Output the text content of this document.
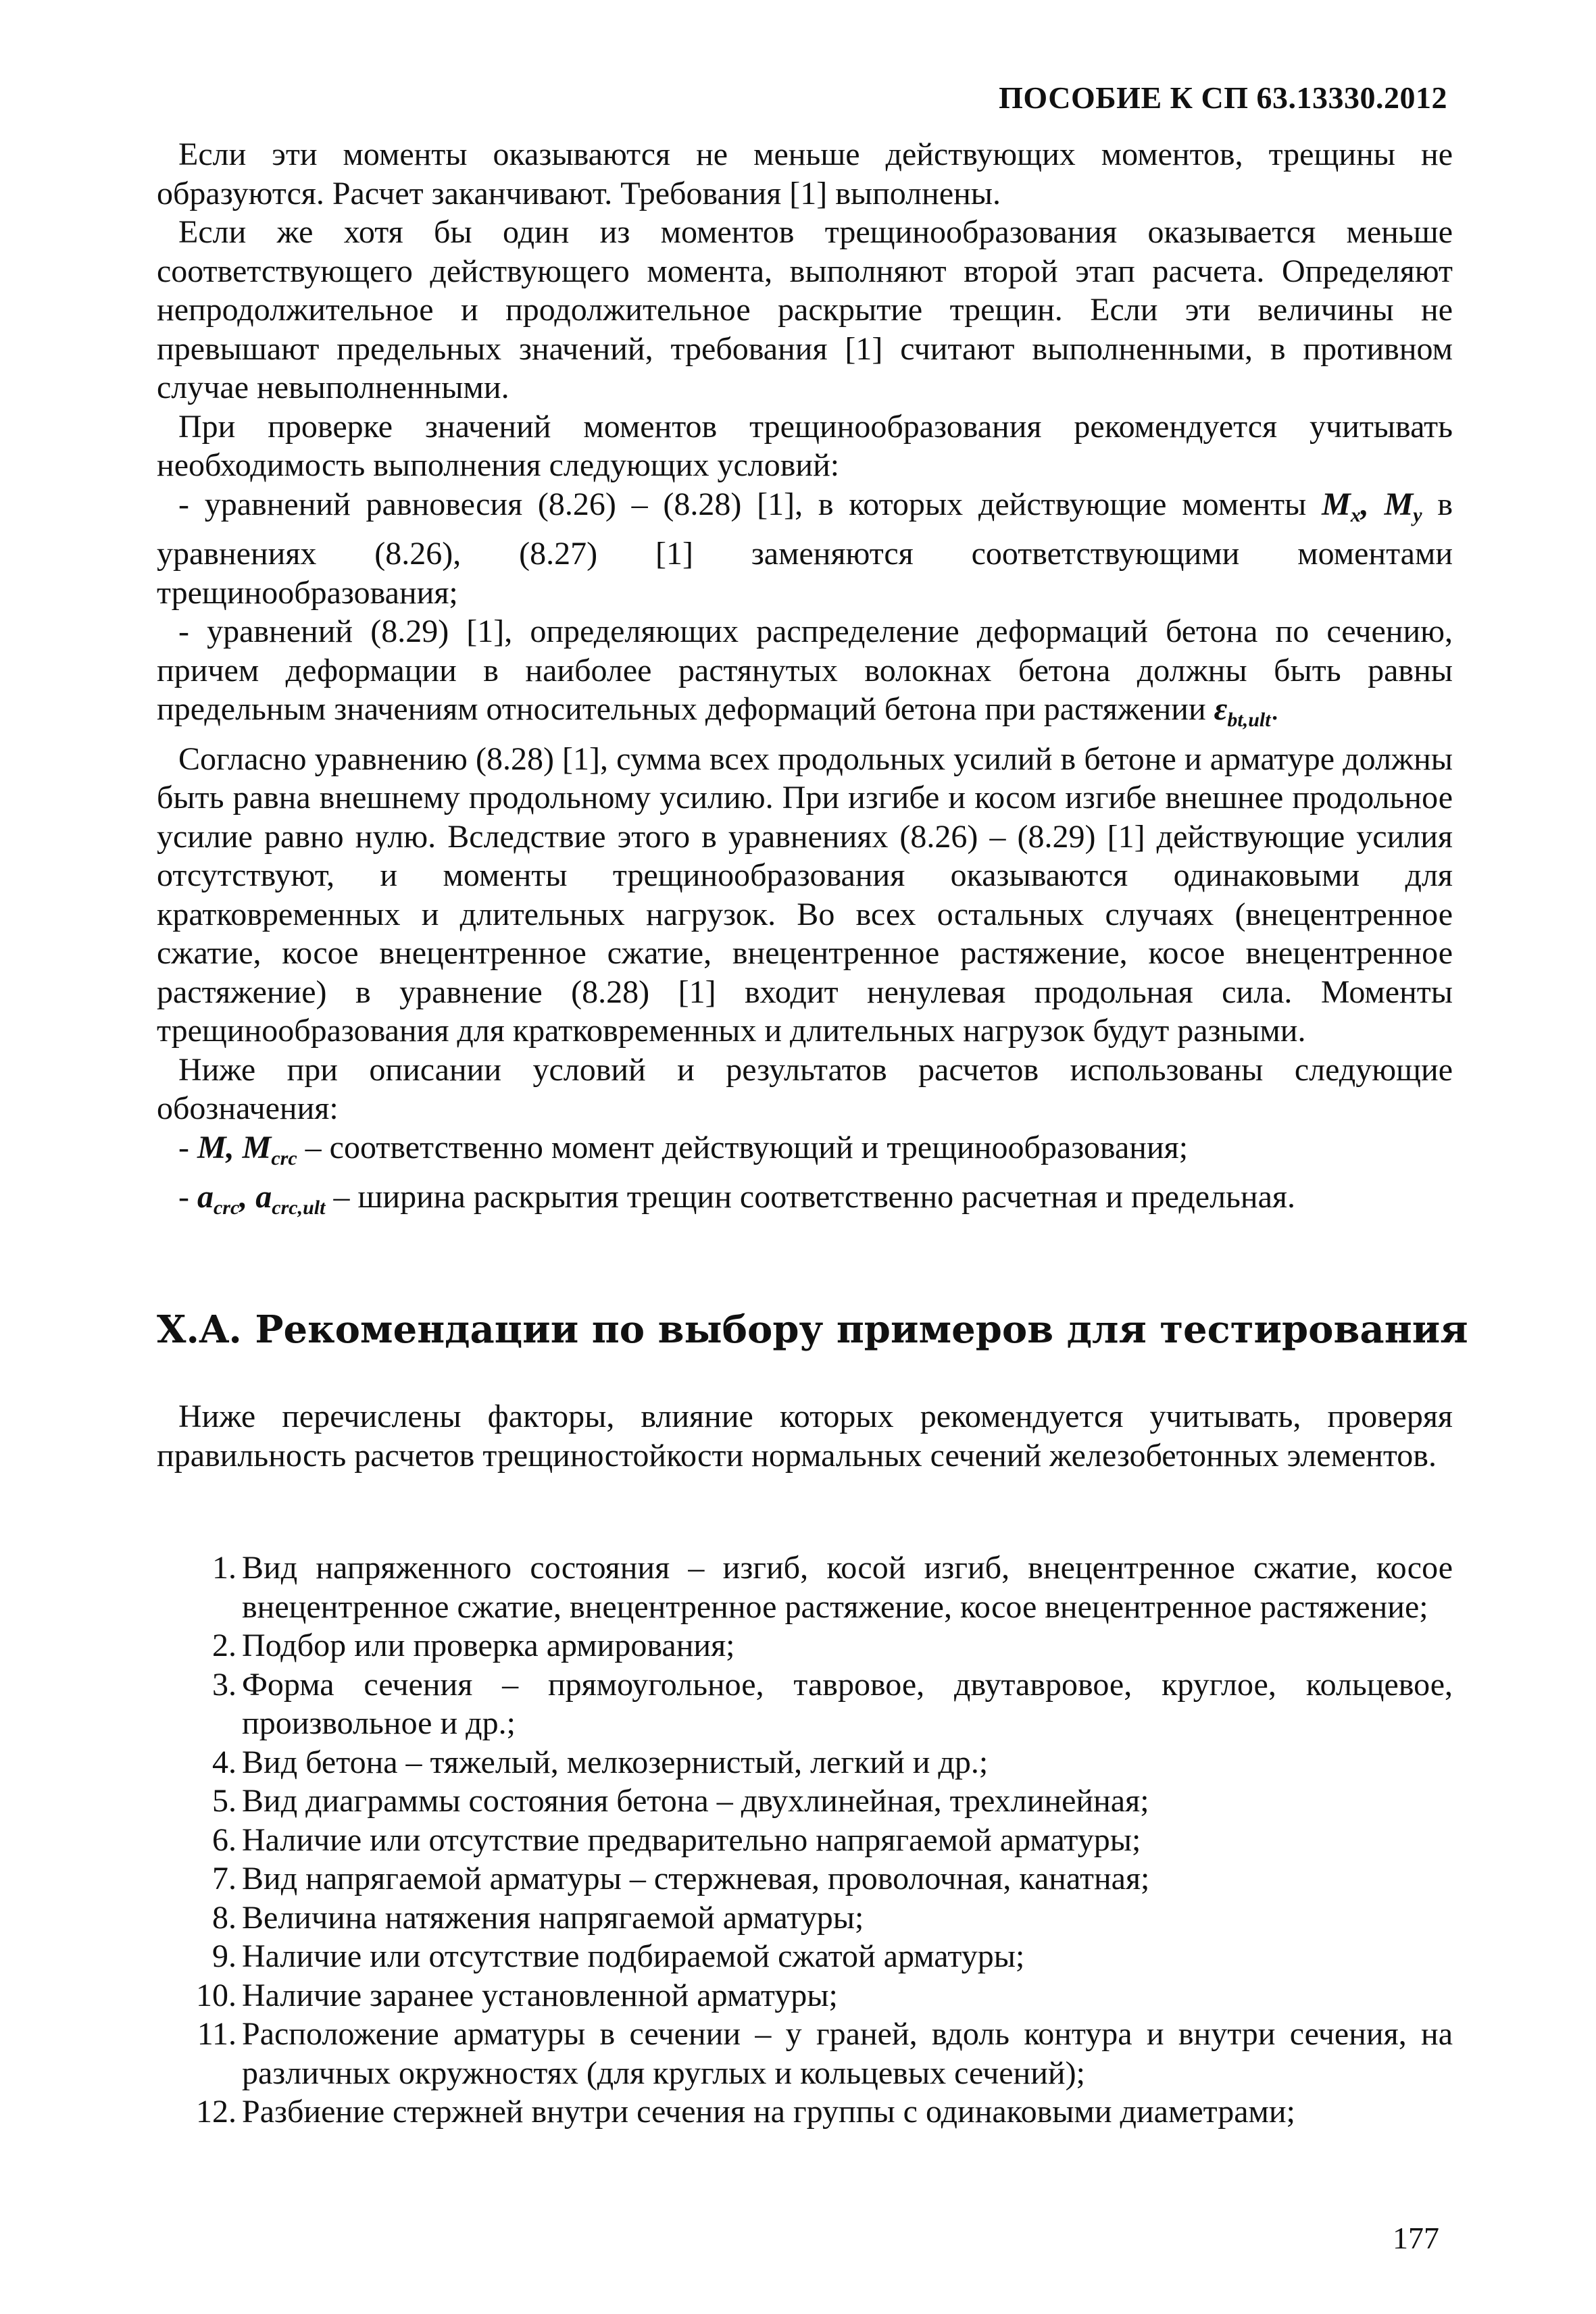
ПОСОБИЕ К СП 63.13330.2012

Если эти моменты оказываются не меньше действующих моментов, трещины не образуются. Расчет заканчивают. Требования [1] выполнены.

Если же хотя бы один из моментов трещинообразования оказывается меньше соответствующего действующего момента, выполняют второй этап расчета. Определяют непродолжительное и продолжительное раскрытие трещин. Если эти величины не превышают предельных значений, требования [1] считают выполненными, в противном случае невыполненными.

При проверке значений моментов трещинообразования рекомендуется учитывать необходимость выполнения следующих условий:

- уравнений равновесия (8.26) – (8.28) [1], в которых действующие моменты $M_x$, $M_y$ в уравнениях (8.26), (8.27) [1] заменяются соответствующими моментами трещинообразования;

- уравнений (8.29) [1], определяющих распределение деформаций бетона по сечению, причем деформации в наиболее растянутых волокнах бетона должны быть равны предельным значениям относительных деформаций бетона при растяжении $\varepsilon_{bt,ult}$.

Согласно уравнению (8.28) [1], сумма всех продольных усилий в бетоне и арматуре должны быть равна внешнему продольному усилию. При изгибе и косом изгибе внешнее продольное усилие равно нулю. Вследствие этого в уравнениях (8.26) – (8.29) [1] действующие усилия отсутствуют, и моменты трещинообразования оказываются одинаковыми для кратковременных и длительных нагрузок. Во всех остальных случаях (внецентренное сжатие, косое внецентренное сжатие, внецентренное растяжение, косое внецентренное растяжение) в уравнение (8.28) [1] входит ненулевая продольная сила. Моменты трещинообразования для кратковременных и длительных нагрузок будут разными.

Ниже при описании условий и результатов расчетов использованы следующие обозначения:

- M, $M_{crc}$ – соответственно момент действующий и трещинообразования;

- $a_{crc}$, $a_{crc,ult}$ – ширина раскрытия трещин соответственно расчетная и предельная.

X.A. Рекомендации по выбору примеров для тестирования

Ниже перечислены факторы, влияние которых рекомендуется учитывать, проверяя правильность расчетов трещиностойкости нормальных сечений железобетонных элементов.

1. Вид напряженного состояния – изгиб, косой изгиб, внецентренное сжатие, косое внецентренное сжатие, внецентренное растяжение, косое внецентренное растяжение;
2. Подбор или проверка армирования;
3. Форма сечения – прямоугольное, тавровое, двутавровое, круглое, кольцевое, произвольное и др.;
4. Вид бетона – тяжелый, мелкозернистый, легкий и др.;
5. Вид диаграммы состояния бетона – двухлинейная, трехлинейная;
6. Наличие или отсутствие предварительно напрягаемой арматуры;
7. Вид напрягаемой арматуры – стержневая, проволочная, канатная;
8. Величина натяжения напрягаемой арматуры;
9. Наличие или отсутствие подбираемой сжатой арматуры;
10. Наличие заранее установленной арматуры;
11. Расположение арматуры в сечении – у граней, вдоль контура и внутри сечения, на различных окружностях (для круглых и кольцевых сечений);
12. Разбиение стержней внутри сечения на группы с одинаковыми диаметрами;
177
